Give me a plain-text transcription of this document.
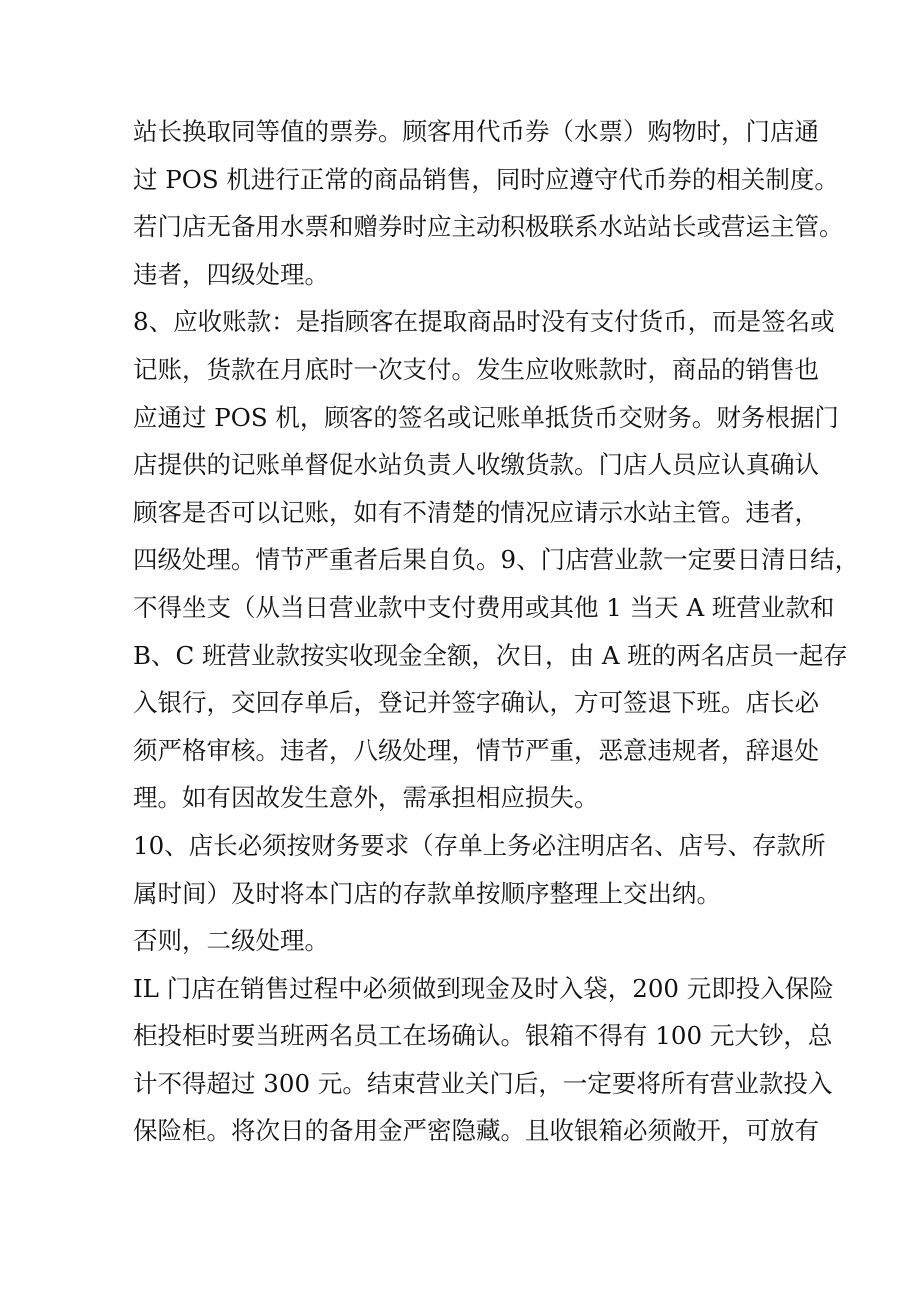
站长换取同等值的票券。顾客用代币券（水票）购物时，门店通
过 POS 机进行正常的商品销售，同时应遵守代币券的相关制度。
若门店无备用水票和赠券时应主动积极联系水站站长或营运主管。
违者，四级处理。
8、应收账款：是指顾客在提取商品时没有支付货币，而是签名或
记账，货款在月底时一次支付。发生应收账款时，商品的销售也
应通过 POS 机，顾客的签名或记账单抵货币交财务。财务根据门
店提供的记账单督促水站负责人收缴货款。门店人员应认真确认
顾客是否可以记账，如有不清楚的情况应请示水站主管。违者，
四级处理。情节严重者后果自负。9、门店营业款一定要日清日结，
不得坐支（从当日营业款中支付费用或其他 1 当天 A 班营业款和
B、C 班营业款按实收现金全额，次日，由 A 班的两名店员一起存
入银行，交回存单后，登记并签字确认，方可签退下班。店长必
须严格审核。违者，八级处理，情节严重，恶意违规者，辞退处
理。如有因故发生意外，需承担相应损失。
10、店长必须按财务要求（存单上务必注明店名、店号、存款所
属时间）及时将本门店的存款单按顺序整理上交出纳。
否则，二级处理。
IL 门店在销售过程中必须做到现金及时入袋，200 元即投入保险
柜投柜时要当班两名员工在场确认。银箱不得有 100 元大钞，总
计不得超过 300 元。结束营业关门后，一定要将所有营业款投入
保险柜。将次日的备用金严密隐藏。且收银箱必须敞开，可放有
